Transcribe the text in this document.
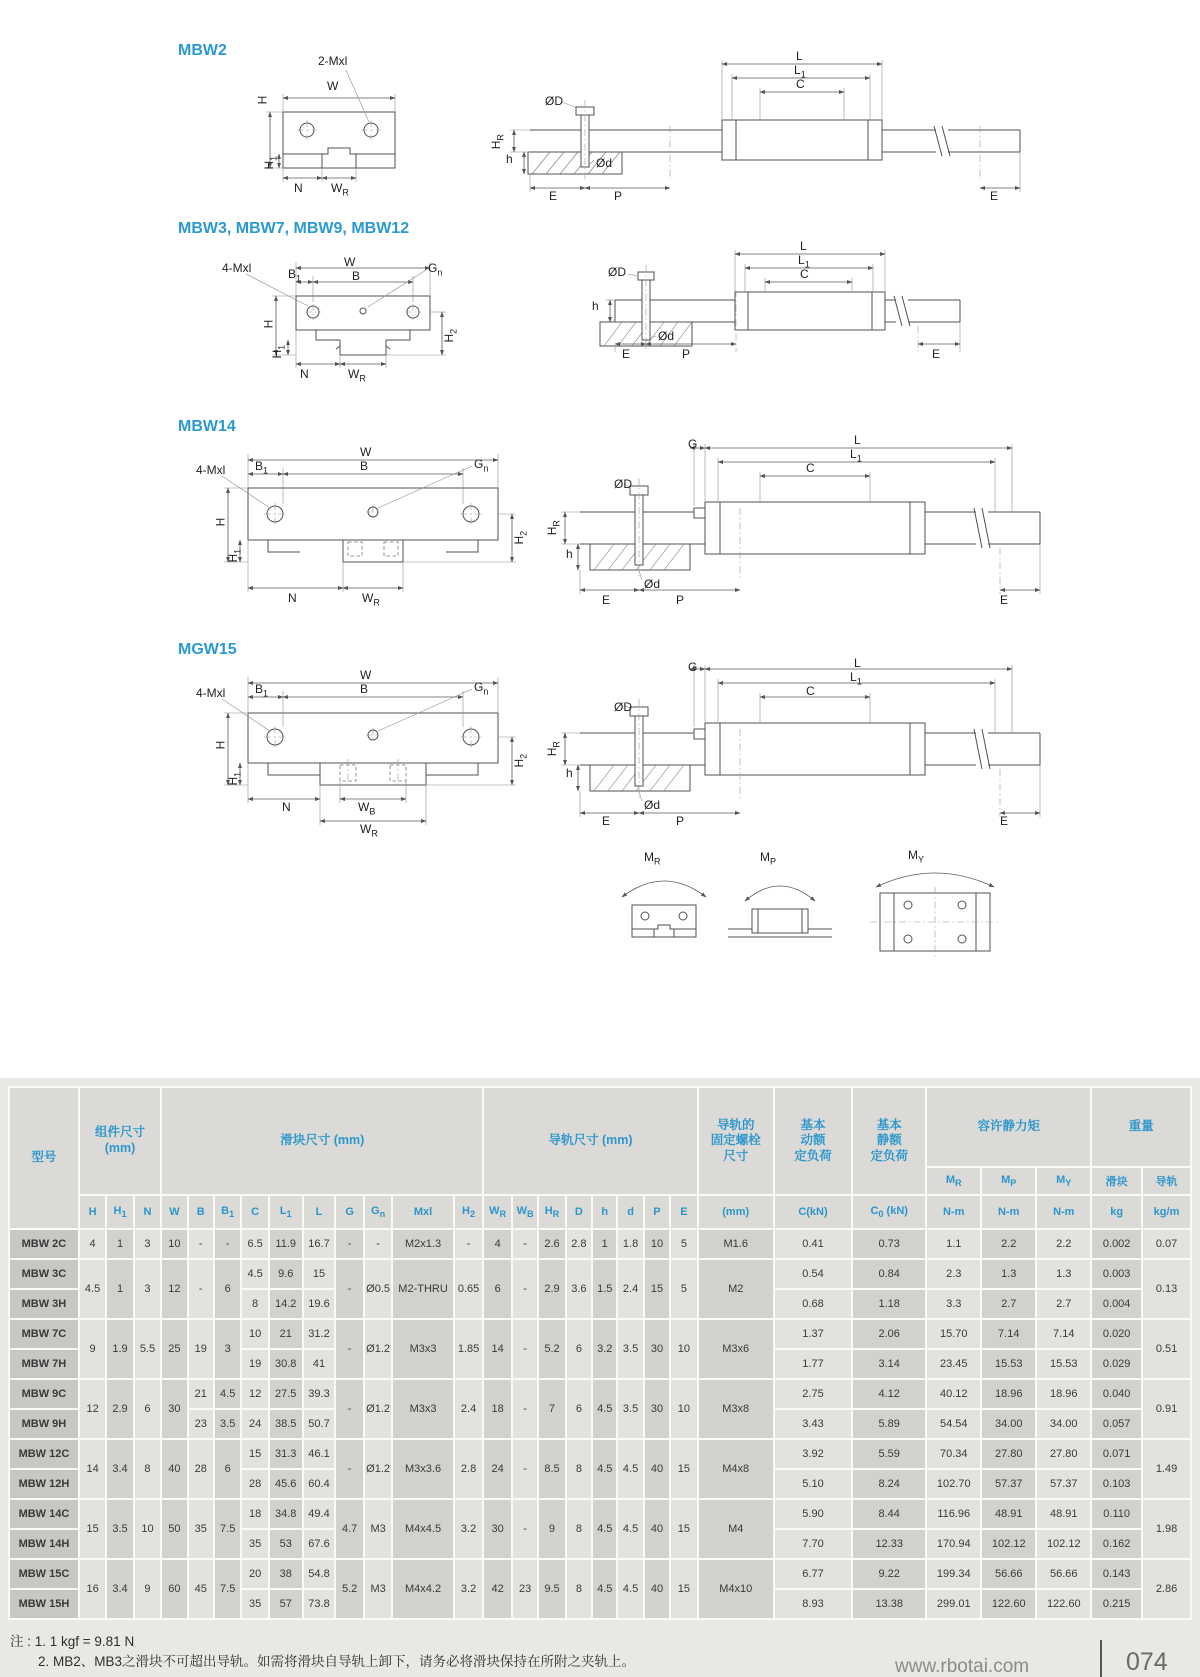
MBW2
MBW3, MBW7, MBW9, MBW12
MBW14
MGW15
W
2-Mxl
H
$H_1$
N $W_R$
L
$L_1$
C
ØD
$H_R$
h	Ød
E	P	E
W
B
$B_1$
4-Mxl	$G_n$
H
$H_1$
$H_2$
N	$W_R$
L
$L_1$
C
ØD
h
Ød
E	P	E
W
B
$B_1$
4-Mxl	$G_n$
H
$H_1$
$H_2$
N	$W_R$
G	L
$L_1$
C
ØD
$H_R$
h
Ød
E	P	E
W
B
$B_1$
4-Mxl	$G_n$
H
$H_1$
$H_2$
N	$W_B$
$W_R$
G	L
$L_1$
C
ØD
$H_R$
h
Ød
E	P	E
$M_R$	$M_P$	$M_Y$
型号	
组件尺寸
(mm)
	滑块尺寸 (mm)	导轨尺寸 (mm)	
导轨的
固定螺栓
尺寸

基本
动额
定负荷

基本
静额
定负荷
	容许静力矩	重量
																									$M_R$	$M_P$	$M_Y$	滑块	导轨
	H	$H_1$	N	W	B	$B_1$	C	$L_1$	L	G	$G_n$	Mxl	$H_2$	$W_R$	$W_B$	$H_R$	D	h	d	P	E	(mm)	C(kN)	$C_0$ (kN)	N-m	N-m	N-m	kg	kg/m
MBW 2C	4	1	3	10	-	-	6.5	11.9	16.7	-	-	M2x1.3	-	4	-	2.6	2.8	1	1.8	10	5	M1.6	0.41	0.73	1.1	2.2	2.2	0.002	0.07
MBW 3C	4.5	1	3	12	-	6	4.5	9.6	15	-	Ø0.5	M2-THRU	0.65	6	-	2.9	3.6	1.5	2.4	15	5	M2	0.54	0.84	2.3	1.3	1.3	0.003	0.13
MBW 3H							8	14.2	19.6														0.68	1.18	3.3	2.7	2.7	0.004	
MBW 7C	9	1.9	5.5	25	19	3	10	21	31.2	-	Ø1.2	M3x3	1.85	14	-	5.2	6	3.2	3.5	30	10	M3x6	1.37	2.06	15.70	7.14	7.14	0.020	0.51
MBW 7H							19	30.8	41														1.77	3.14	23.45	15.53	15.53	0.029	
MBW 9C	12	2.9	6	30	21	4.5	12	27.5	39.3	-	Ø1.2	M3x3	2.4	18	-	7	6	4.5	3.5	30	10	M3x8	2.75	4.12	40.12	18.96	18.96	0.040	0.91
MBW 9H					23	3.5	24	38.5	50.7														3.43	5.89	54.54	34.00	34.00	0.057	
MBW 12C	14	3.4	8	40	28	6	15	31.3	46.1	-	Ø1.2	M3x3.6	2.8	24	-	8.5	8	4.5	4.5	40	15	M4x8	3.92	5.59	70.34	27.80	27.80	0.071	1.49
MBW 12H							28	45.6	60.4														5.10	8.24	102.70	57.37	57.37	0.103	
MBW 14C	15	3.5	10	50	35	7.5	18	34.8	49.4	4.7	M3	M4x4.5	3.2	30	-	9	8	4.5	4.5	40	15	M4	5.90	8.44	116.96	48.91	48.91	0.110	1.98
MBW 14H							35	53	67.6														7.70	12.33	170.94	102.12	102.12	0.162	
MBW 15C	16	3.4	9	60	45	7.5	20	38	54.8	5.2	M3	M4x4.2	3.2	42	23	9.5	8	4.5	4.5	40	15	M4x10	6.77	9.22	199.34	56.66	56.66	0.143	2.86
MBW 15H							35	57	73.8														8.93	13.38	299.01	122.60	122.60	0.215	
注 : 1. 1 kgf = 9.81 N
2. MB2、MB3之滑块不可超出导轨。如需将滑块自导轨上卸下，请务必将滑块保持在所附之夹轨上。	www.rbotai.com	074
